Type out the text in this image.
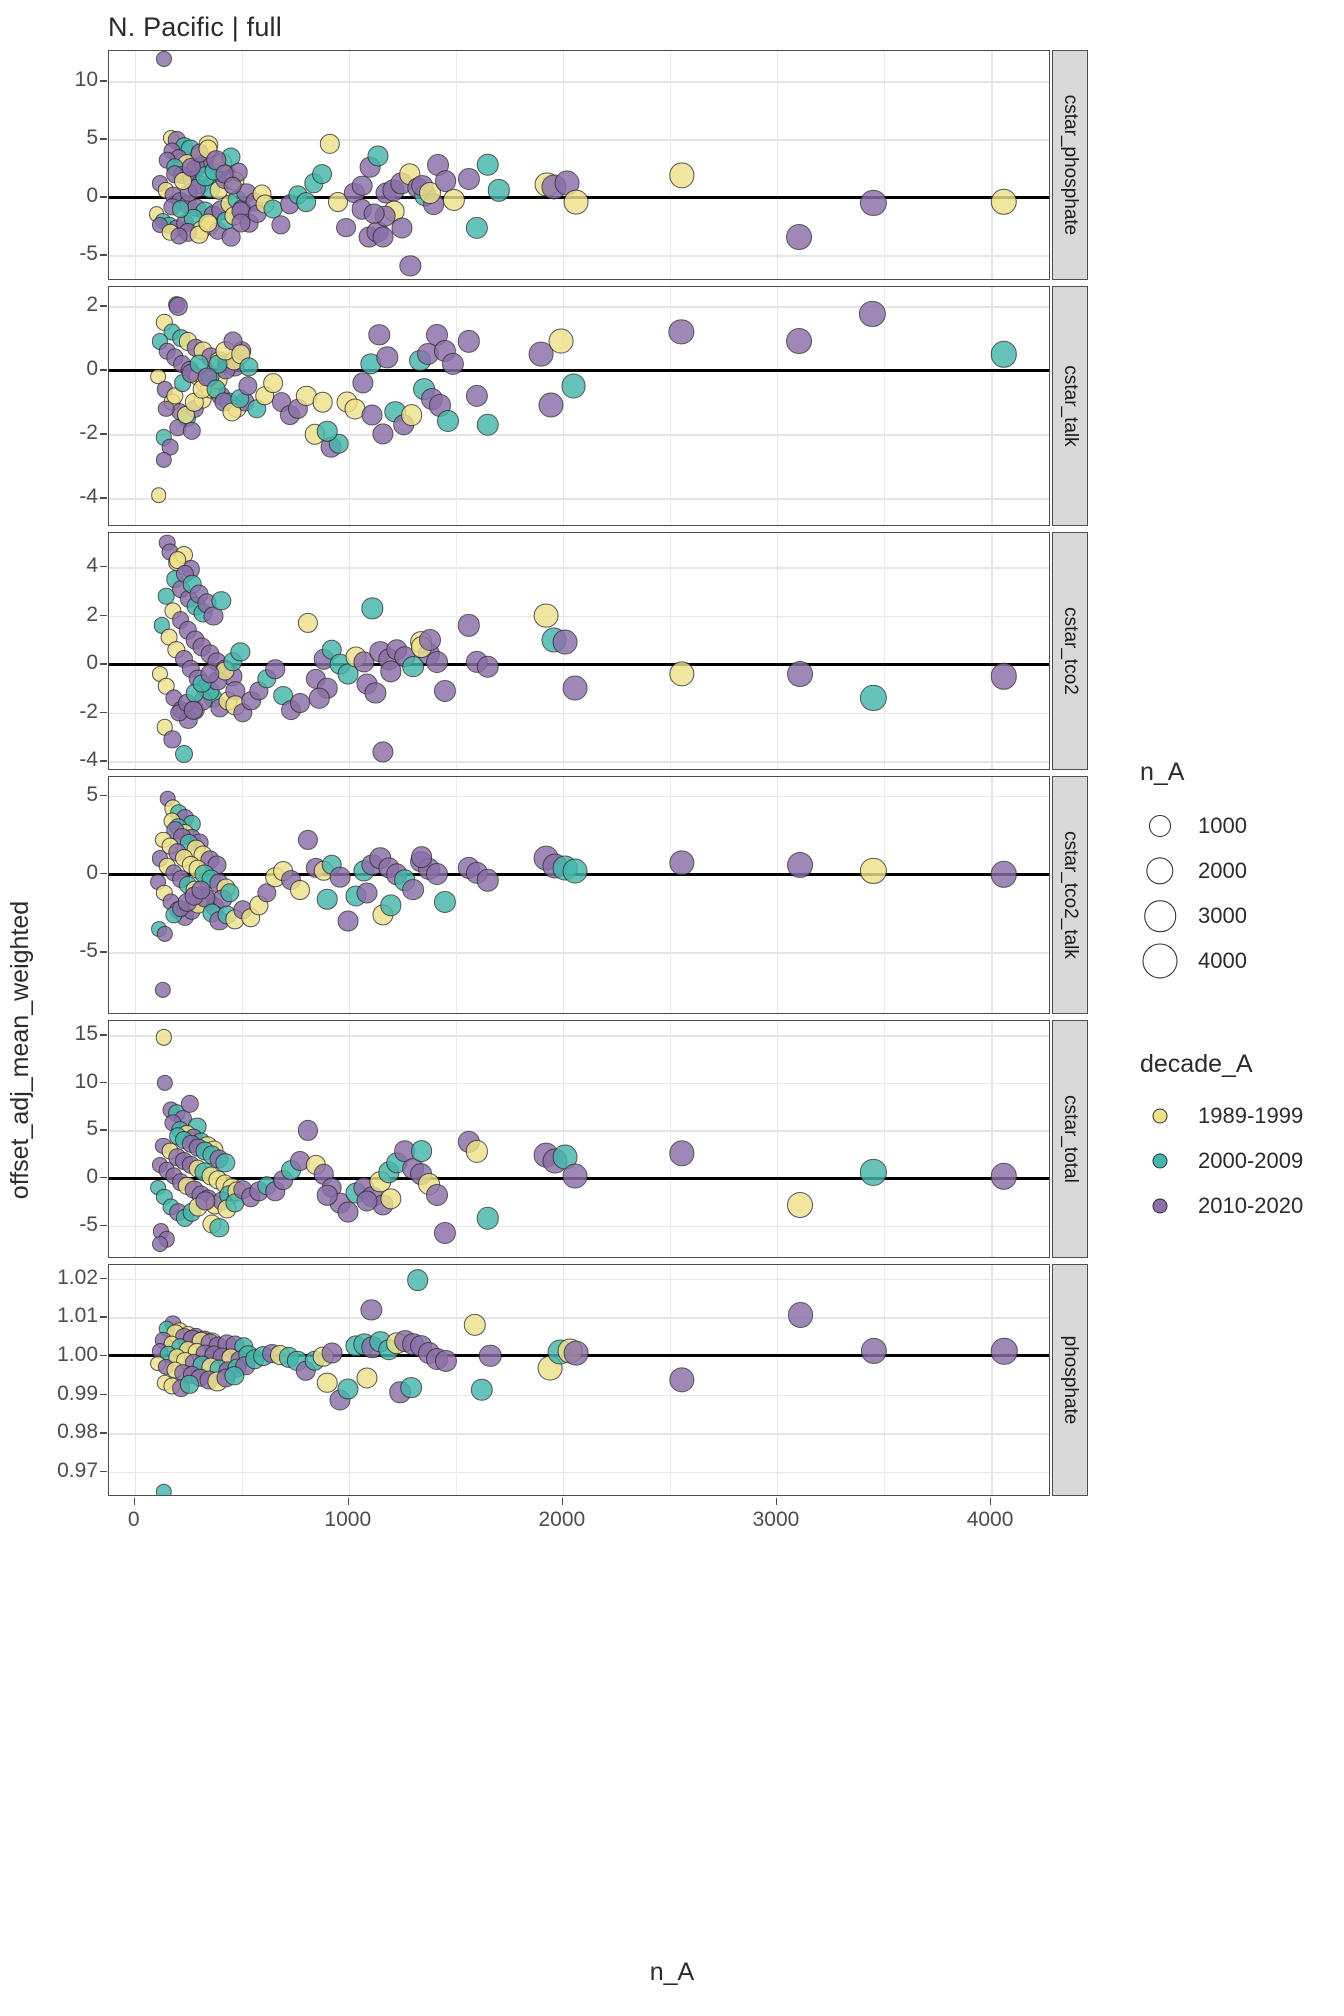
N. Pacific | full
offset_adj_mean_weighted
n_A
-5
0
5
10
cstar_phosphate
-4
-2
0
2
cstar_talk
-4
-2
0
2
4
cstar_tco2
-5
0
5
cstar_tco2_talk
-5
0
5
10
15
cstar_total
0.97
0.98
0.99
1.00
1.01
1.02
phosphate
0	1000	2000	3000	4000
n_A
1000
2000
3000
4000
decade_A
1989-1999
2000-2009
2010-2020
